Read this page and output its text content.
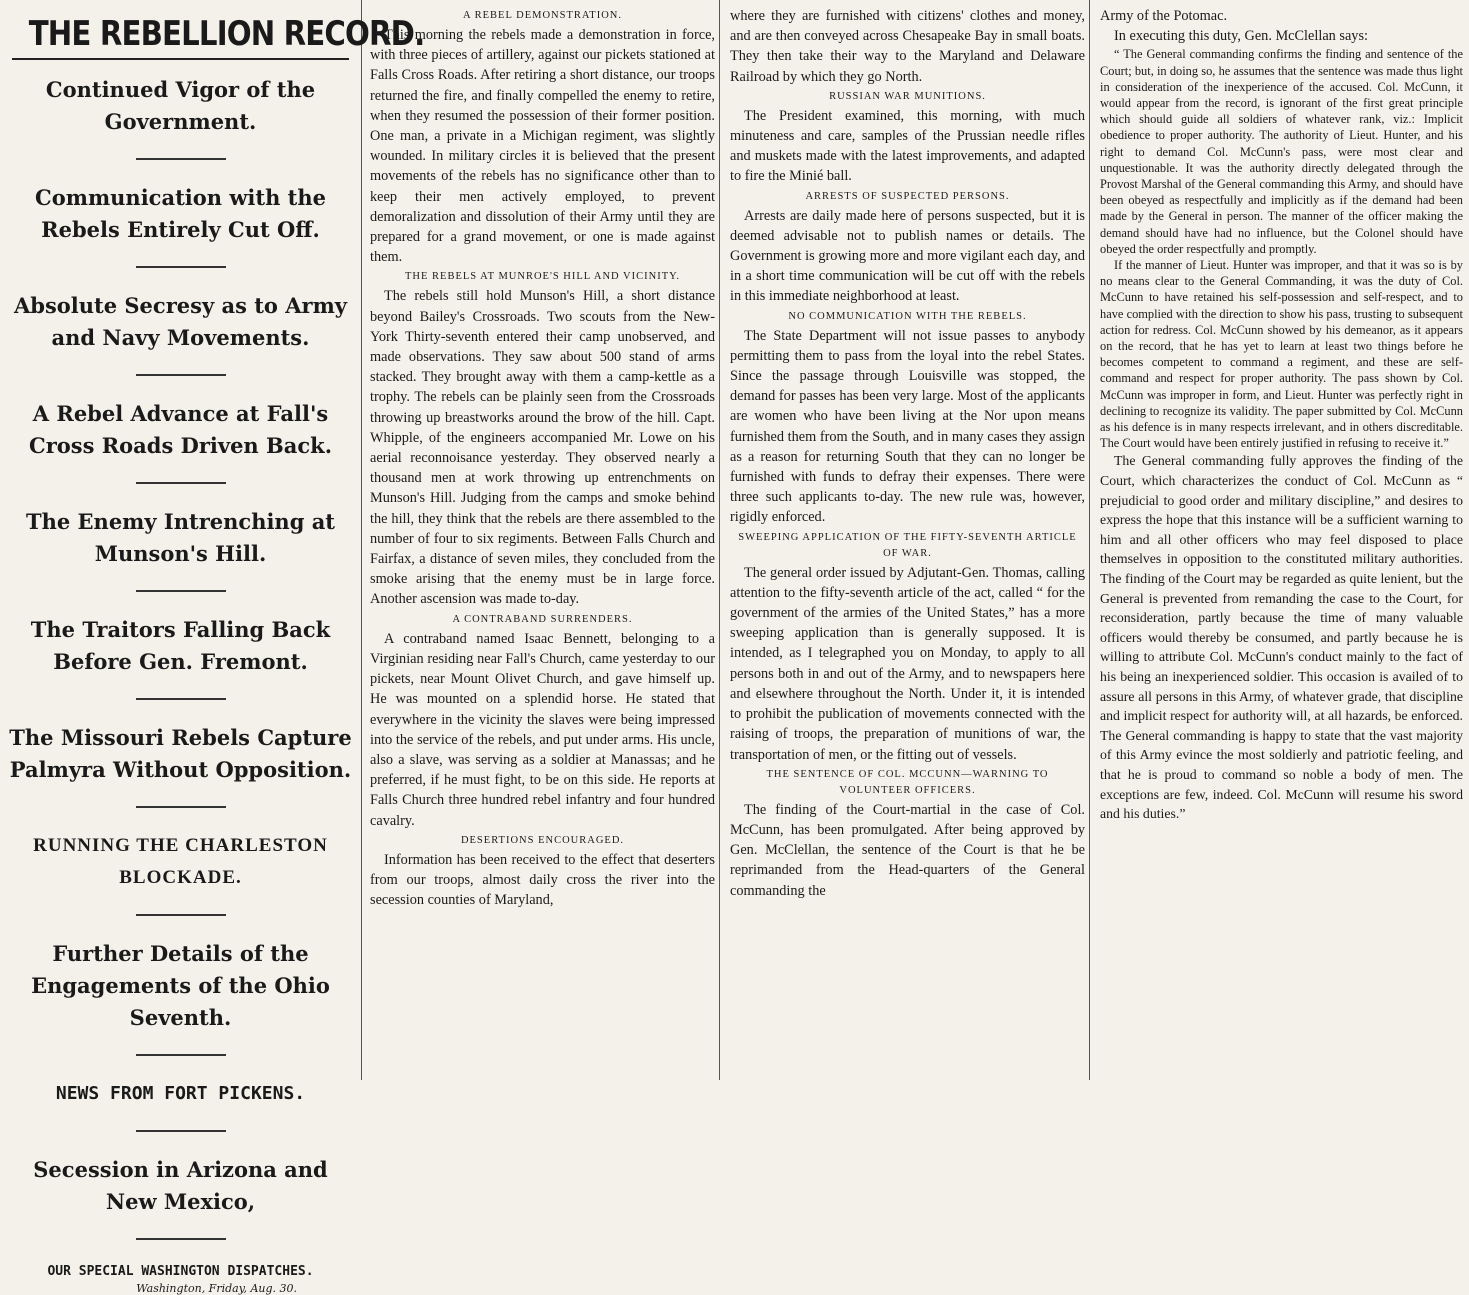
THE REBELLION RECORD.
Continued Vigor of the Government.
Communication with the Rebels Entirely Cut Off.
Absolute Secresy as to Army and Navy Movements.
A Rebel Advance at Fall's Cross Roads Driven Back.
The Enemy Intrenching at Munson's Hill.
The Traitors Falling Back Before Gen. Fremont.
The Missouri Rebels Capture Palmyra Without Opposition.
RUNNING THE CHARLESTON BLOCKADE.
Further Details of the Engagements of the Ohio Seventh.
NEWS FROM FORT PICKENS.
Secession in Arizona and New Mexico,
OUR SPECIAL WASHINGTON DISPATCHES.
Washington, Friday, Aug. 30.
A REBEL DEMONSTRATION.

This morning the rebels made a demonstration in force, with three pieces of artillery, against our pickets stationed at Falls Cross Roads. After retiring a short distance, our troops returned the fire, and finally compelled the enemy to retire, when they resumed the possession of their former position. One man, a private in a Michigan regiment, was slightly wounded. In military circles it is believed that the present movements of the rebels has no significance other than to keep their men actively employed, to prevent demoralization and dissolution of their Army until they are prepared for a grand movement, or one is made against them.

THE REBELS AT MUNROE'S HILL AND VICINITY.

The rebels still hold Munson's Hill, a short distance beyond Bailey's Crossroads. Two scouts from the New-York Thirty-seventh entered their camp unobserved, and made observations. They saw about 500 stand of arms stacked. They brought away with them a camp-kettle as a trophy. The rebels can be plainly seen from the Crossroads throwing up breastworks around the brow of the hill. Capt. Whipple, of the engineers accompanied Mr. Lowe on his aerial reconnoisance yesterday. They observed nearly a thousand men at work throwing up entrenchments on Munson's Hill. Judging from the camps and smoke behind the hill, they think that the rebels are there assembled to the number of four to six regiments. Between Falls Church and Fairfax, a distance of seven miles, they concluded from the smoke arising that the enemy must be in large force. Another ascension was made to-day.

A CONTRABAND SURRENDERS.

A contraband named Isaac Bennett, belonging to a Virginian residing near Fall's Church, came yesterday to our pickets, near Mount Olivet Church, and gave himself up. He was mounted on a splendid horse. He stated that everywhere in the vicinity the slaves were being impressed into the service of the rebels, and put under arms. His uncle, also a slave, was serving as a soldier at Manassas; and he preferred, if he must fight, to be on this side. He reports at Falls Church three hundred rebel infantry and four hundred cavalry.

DESERTIONS ENCOURAGED.

Information has been received to the effect that deserters from our troops, almost daily cross the river into the secession counties of Maryland,

where they are furnished with citizens' clothes and money, and are then conveyed across Chesapeake Bay in small boats. They then take their way to the Maryland and Delaware Railroad by which they go North.

RUSSIAN WAR MUNITIONS.

The President examined, this morning, with much minuteness and care, samples of the Prussian needle rifles and muskets made with the latest improvements, and adapted to fire the Minié ball.

ARRESTS OF SUSPECTED PERSONS.

Arrests are daily made here of persons suspected, but it is deemed advisable not to publish names or details. The Government is growing more and more vigilant each day, and in a short time communication will be cut off with the rebels in this immediate neighborhood at least.

NO COMMUNICATION WITH THE REBELS.

The State Department will not issue passes to anybody permitting them to pass from the loyal into the rebel States. Since the passage through Louisville was stopped, the demand for passes has been very large. Most of the applicants are women who have been living at the Nor upon means furnished them from the South, and in many cases they assign as a reason for returning South that they can no longer be furnished with funds to defray their expenses. There were three such applicants to-day. The new rule was, however, rigidly enforced.

SWEEPING APPLICATION OF THE FIFTY-SEVENTH ARTICLE OF WAR.

The general order issued by Adjutant-Gen. Thomas, calling attention to the fifty-seventh article of the act, called “ for the government of the armies of the United States,” has a more sweeping application than is generally supposed. It is intended, as I telegraphed you on Monday, to apply to all persons both in and out of the Army, and to newspapers here and elsewhere throughout the North. Under it, it is intended to prohibit the publication of movements connected with the raising of troops, the preparation of munitions of war, the transportation of men, or the fitting out of vessels.

THE SENTENCE OF COL. MCCUNN—WARNING TO VOLUNTEER OFFICERS.

The finding of the Court-martial in the case of Col. McCunn, has been promulgated. After being approved by Gen. McClellan, the sentence of the Court is that he be reprimanded from the Head-quarters of the General commanding the

Army of the Potomac.

In executing this duty, Gen. McClellan says:

“ The General commanding confirms the finding and sentence of the Court; but, in doing so, he assumes that the sentence was made thus light in consideration of the inexperience of the accused. Col. McCunn, it would appear from the record, is ignorant of the first great principle which should guide all soldiers of whatever rank, viz.: Implicit obedience to proper authority. The authority of Lieut. Hunter, and his right to demand Col. McCunn's pass, were most clear and unquestionable. It was the authority directly delegated through the Provost Marshal of the General commanding this Army, and should have been obeyed as respectfully and implicitly as if the demand had been made by the General in person. The manner of the officer making the demand should have had no influence, but the Colonel should have obeyed the order respectfully and promptly.

If the manner of Lieut. Hunter was improper, and that it was so is by no means clear to the General Commanding, it was the duty of Col. McCunn to have retained his self-possession and self-respect, and to have complied with the direction to show his pass, trusting to subsequent action for redress. Col. McCunn showed by his demeanor, as it appears on the record, that he has yet to learn at least two things before he becomes competent to command a regiment, and these are self-command and respect for proper authority. The pass shown by Col. McCunn was improper in form, and Lieut. Hunter was perfectly right in declining to recognize its validity. The paper submitted by Col. McCunn as his defence is in many respects irrelevant, and in others discreditable. The Court would have been entirely justified in refusing to receive it.”

The General commanding fully approves the finding of the Court, which characterizes the conduct of Col. McCunn as “ prejudicial to good order and military discipline,” and desires to express the hope that this instance will be a sufficient warning to him and all other officers who may feel disposed to place themselves in opposition to the constituted military authorities. The finding of the Court may be regarded as quite lenient, but the General is prevented from remanding the case to the Court, for reconsideration, partly because the time of many valuable officers would thereby be consumed, and partly because he is willing to attribute Col. McCunn's conduct mainly to the fact of his being an inexperienced soldier. This occasion is availed of to assure all persons in this Army, of whatever grade, that discipline and implicit respect for authority will, at all hazards, be enforced. The General commanding is happy to state that the vast majority of this Army evince the most soldierly and patriotic feeling, and that he is proud to command so noble a body of men. The exceptions are few, indeed. Col. McCunn will resume his sword and his duties.”
